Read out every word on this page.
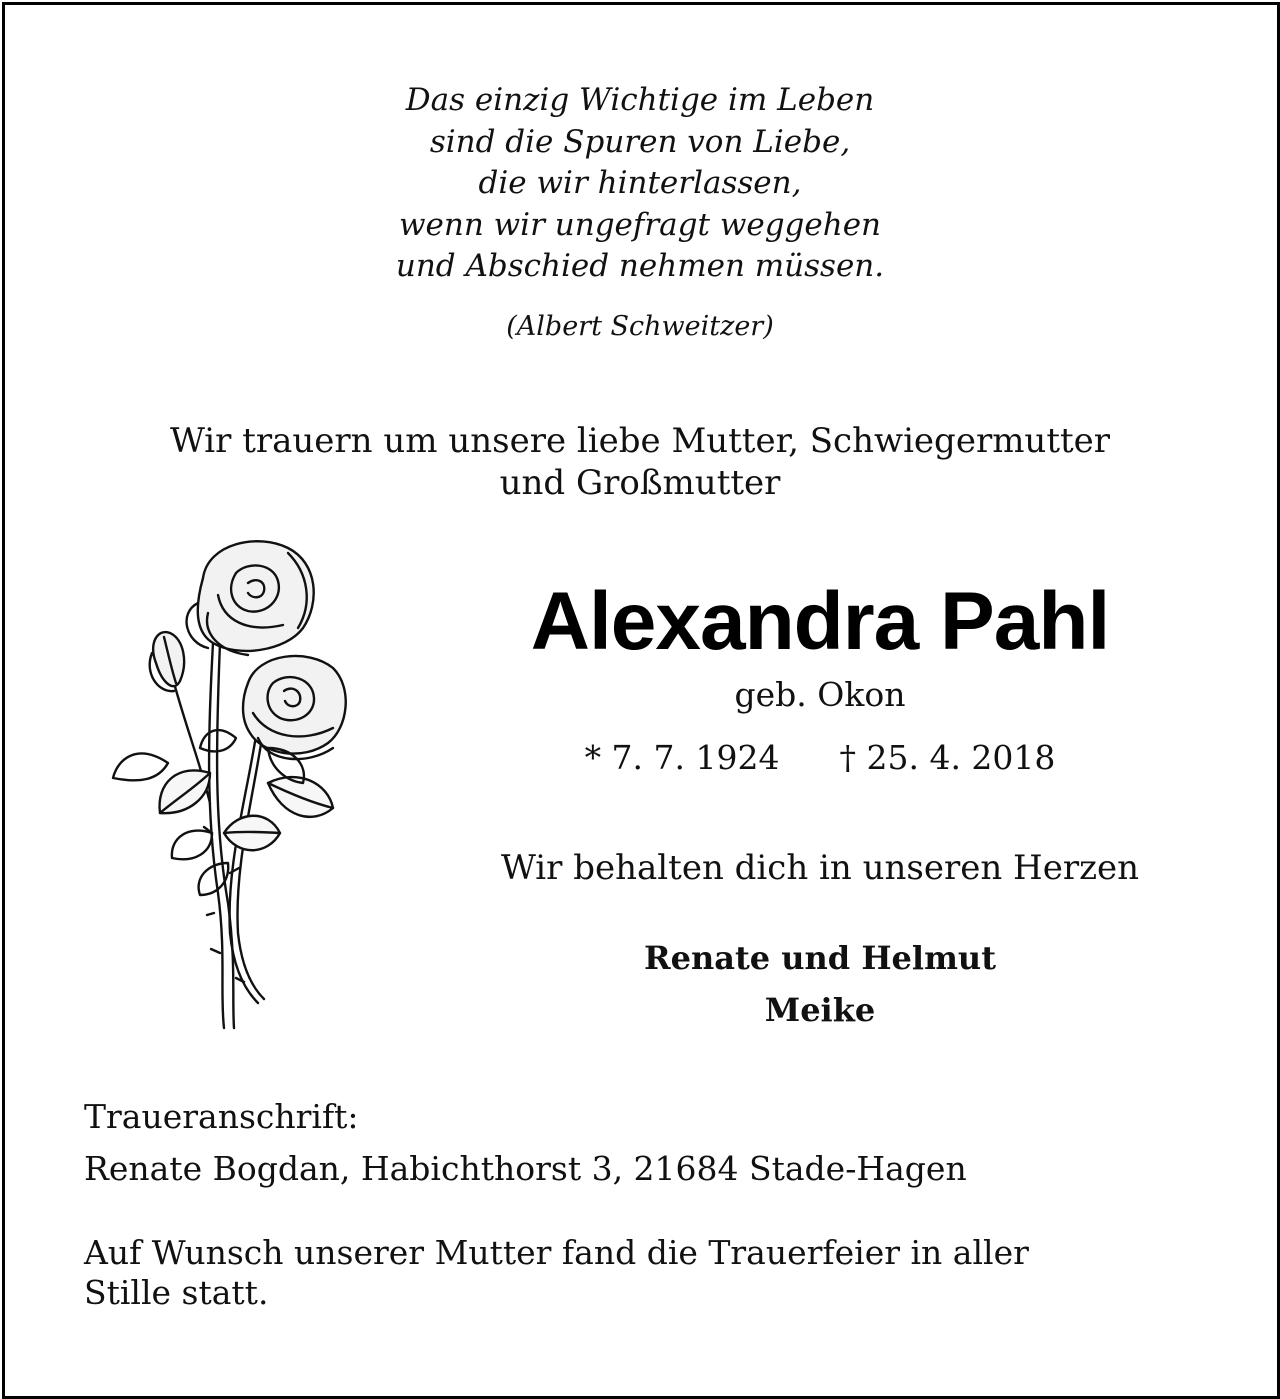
Das einzig Wichtige im Leben
sind die Spuren von Liebe,
die wir hinterlassen,
wenn wir ungefragt weggehen
und Abschied nehmen müssen.
(Albert Schweitzer)
Wir trauern um unsere liebe Mutter, Schwiegermutter
und Großmutter
Alexandra Pahl
geb. Okon
* 7. 7. 1924 † 25. 4. 2018
Wir behalten dich in unseren Herzen
Renate und Helmut
Meike
Traueranschrift:
Renate Bogdan, Habichthorst 3, 21684 Stade-Hagen
Auf Wunsch unserer Mutter fand die Trauerfeier in aller
Stille statt.
